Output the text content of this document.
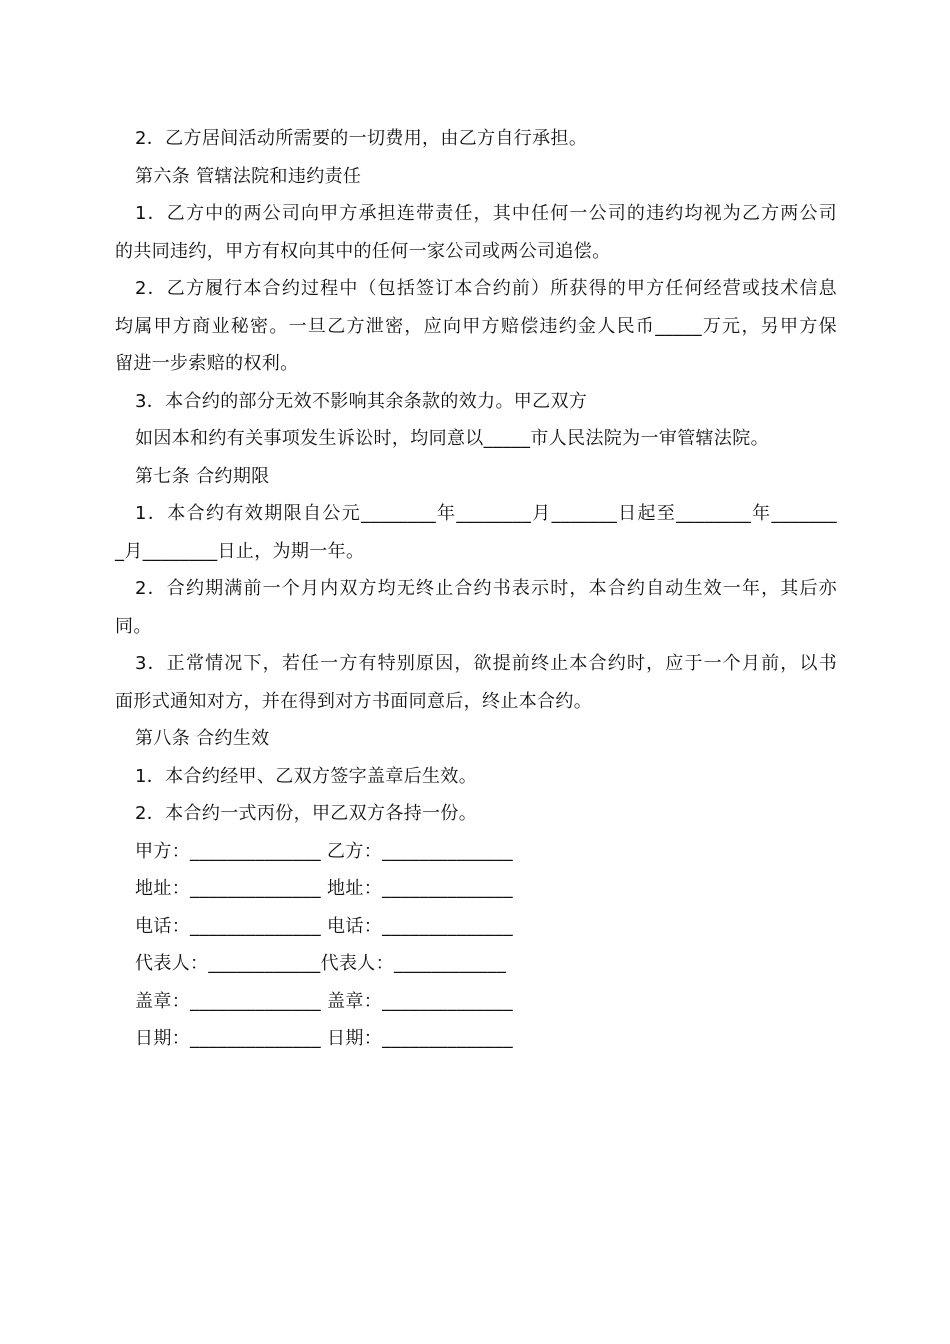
2．乙方居间活动所需要的一切费用，由乙方自行承担。
第六条 管辖法院和违约责任
1．乙方中的两公司向甲方承担连带责任，其中任何一公司的违约均视为乙方两公司
的共同违约，甲方有权向其中的任何一家公司或两公司追偿。
2．乙方履行本合约过程中（包括签订本合约前）所获得的甲方任何经营或技术信息
均属甲方商业秘密。一旦乙方泄密，应向甲方赔偿违约金人民币_____万元，另甲方保
留进一步索赔的权利。
3．本合约的部分无效不影响其余条款的效力。甲乙双方
如因本和约有关事项发生诉讼时，均同意以_____市人民法院为一审管辖法院。
第七条 合约期限
1．本合约有效期限自公元________年________月_______日起至________年_______
_月________日止，为期一年。
2．合约期满前一个月内双方均无终止合约书表示时，本合约自动生效一年，其后亦
同。
3．正常情况下，若任一方有特别原因，欲提前终止本合约时，应于一个月前，以书
面形式通知对方，并在得到对方书面同意后，终止本合约。
第八条 合约生效
1．本合约经甲、乙双方签字盖章后生效。
2．本合约一式丙份，甲乙双方各持一份。
甲方：______________ 乙方：______________
地址：______________ 地址：______________
电话：______________ 电话：______________
代表人：____________代表人：____________
盖章：______________ 盖章：______________
日期：______________ 日期：______________
